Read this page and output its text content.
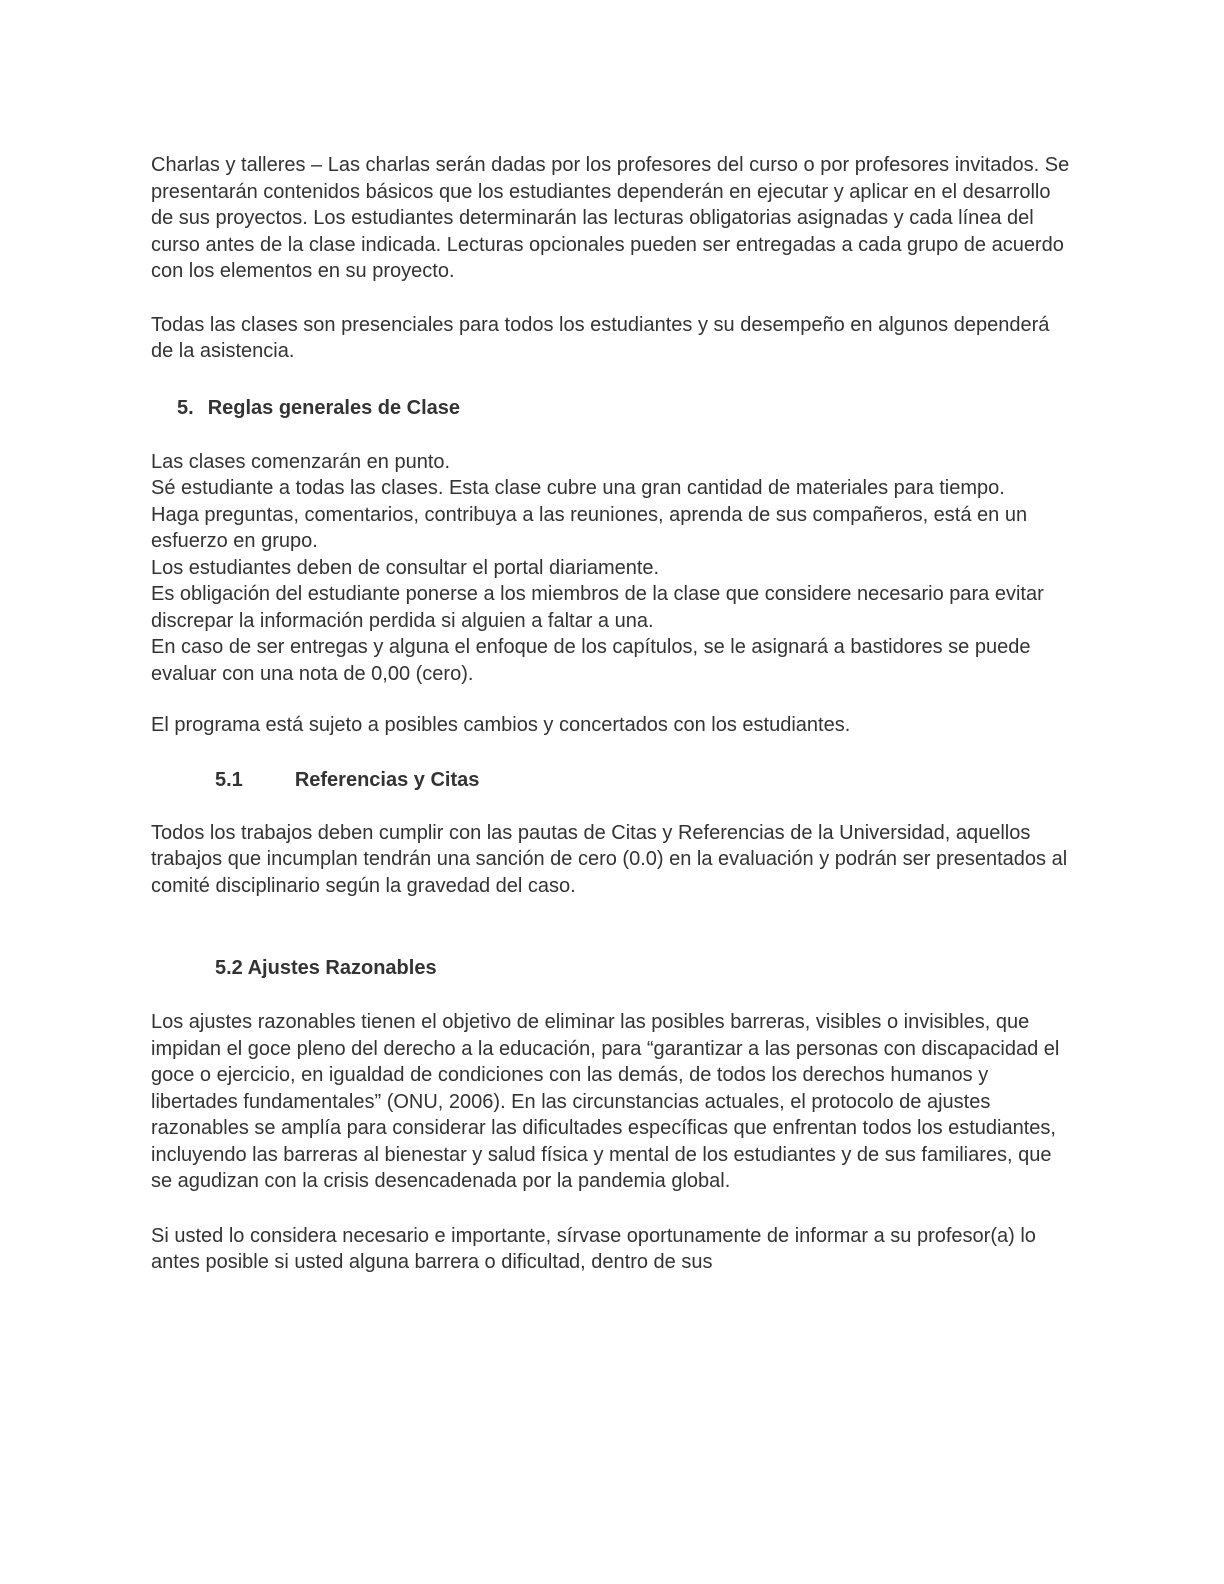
Charlas y talleres – Las charlas serán dadas por los profesores del curso o por profesores invitados. Se presentarán contenidos básicos que los estudiantes dependerán en ejecutar y aplicar en el desarrollo de sus proyectos. Los estudiantes determinarán las lecturas obligatorias asignadas y cada línea del curso antes de la clase indicada. Lecturas opcionales pueden ser entregadas a cada grupo de acuerdo con los elementos en su proyecto.

Todas las clases son presenciales para todos los estudiantes y su desempeño en algunos dependerá de la asistencia.

5. Reglas generales de Clase
Las clases comenzarán en punto.
Sé estudiante a todas las clases. Esta clase cubre una gran cantidad de materiales para tiempo.
Haga preguntas, comentarios, contribuya a las reuniones, aprenda de sus compañeros, está en un esfuerzo en grupo.
Los estudiantes deben de consultar el portal diariamente.
Es obligación del estudiante ponerse a los miembros de la clase que considere necesario para evitar discrepar la información perdida si alguien a faltar a una.
En caso de ser entregas y alguna el enfoque de los capítulos, se le asignará a bastidores se puede evaluar con una nota de 0,00 (cero).

El programa está sujeto a posibles cambios y concertados con los estudiantes.

5.1	Referencias y Citas

Todos los trabajos deben cumplir con las pautas de Citas y Referencias de la Universidad, aquellos trabajos que incumplan tendrán una sanción de cero (0.0) en la evaluación y podrán ser presentados al comité disciplinario según la gravedad del caso.

5.2 Ajustes Razonables

Los ajustes razonables tienen el objetivo de eliminar las posibles barreras, visibles o invisibles, que impidan el goce pleno del derecho a la educación, para “garantizar a las personas con discapacidad el goce o ejercicio, en igualdad de condiciones con las demás, de todos los derechos humanos y libertades fundamentales” (ONU, 2006). En las circunstancias actuales, el protocolo de ajustes razonables se amplía para considerar las dificultades específicas que enfrentan todos los estudiantes, incluyendo las barreras al bienestar y salud física y mental de los estudiantes y de sus familiares, que se agudizan con la crisis desencadenada por la pandemia global.

Si usted lo considera necesario e importante, sírvase oportunamente de informar a su profesor(a) lo antes posible si usted alguna barrera o dificultad, dentro de sus
